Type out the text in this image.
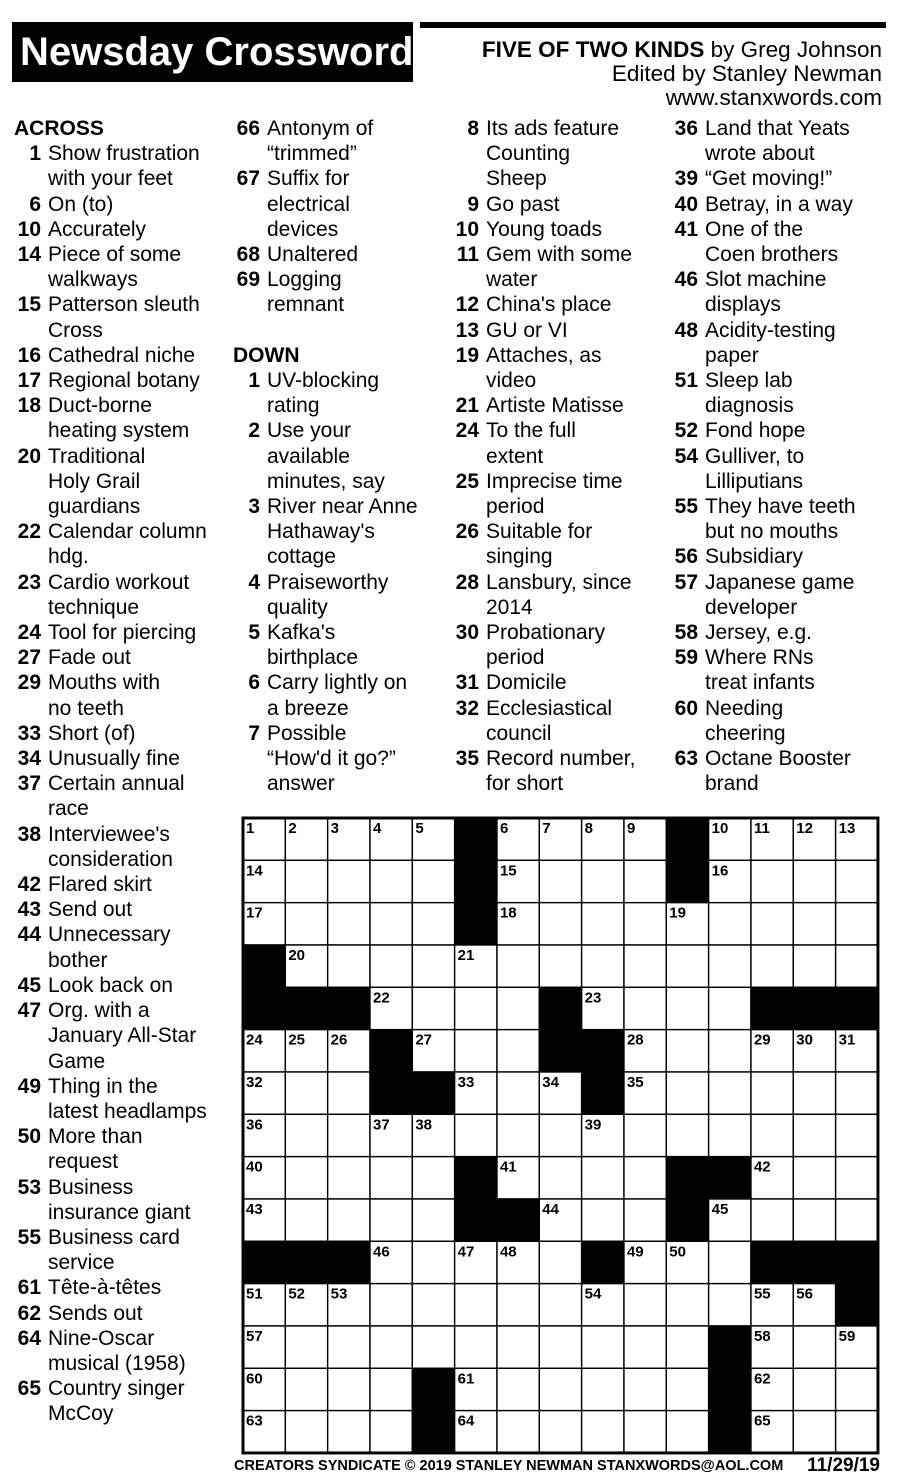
Newsday Crossword	FIVE OF TWO KINDS by Greg Johnson
Edited by Stanley Newman
www.stanxwords.com
ACROSS
1 Show frustration
with your feet
6 On (to)
10 Accurately
14 Piece of some
walkways
15 Patterson sleuth
Cross
16 Cathedral niche
17 Regional botany
18 Duct-borne
heating system
20 Traditional
Holy Grail
guardians
22 Calendar column
hdg.
23 Cardio workout
technique
24 Tool for piercing
27 Fade out
29 Mouths with
no teeth
33 Short (of)
34 Unusually fine
37 Certain annual
race
38 Interviewee's
consideration
42 Flared skirt
43 Send out
44 Unnecessary
bother
45 Look back on
47 Org. with a
January All-Star
Game
49 Thing in the
latest headlamps
50 More than
request
53 Business
insurance giant
55 Business card
service
61 Tête-à-têtes
62 Sends out
64 Nine-Oscar
musical (1958)
65 Country singer
McCoy
66 Antonym of
“trimmed”
67 Suffix for
electrical
devices
68 Unaltered
69 Logging
remnant
DOWN
1 UV-blocking
rating
2 Use your
available
minutes, say
3 River near Anne
Hathaway's
cottage
4 Praiseworthy
quality
5 Kafka's
birthplace
6 Carry lightly on
a breeze
7 Possible
“How'd it go?”
answer
8 Its ads feature
Counting
Sheep
9 Go past
10 Young toads
11 Gem with some
water
12 China's place
13 GU or VI
19 Attaches, as
video
21 Artiste Matisse
24 To the full
extent
25 Imprecise time
period
26 Suitable for
singing
28 Lansbury, since
2014
30 Probationary
period
31 Domicile
32 Ecclesiastical
council
35 Record number,
for short
36 Land that Yeats
wrote about
39 “Get moving!”
40 Betray, in a way
41 One of the
Coen brothers
46 Slot machine
displays
48 Acidity-testing
paper
51 Sleep lab
diagnosis
52 Fond hope
54 Gulliver, to
Lilliputians
55 They have teeth
but no mouths
56 Subsidiary
57 Japanese game
developer
58 Jersey, e.g.
59 Where RNs
treat infants
60 Needing
cheering
63 Octane Booster
brand
1 2 3 4 5	6 7 8 9	10 11 12 13
14	15	16
17	18	19
20	21
22	23
24 25 26	27	28	29 30 31
32	33	34	35
36	37 38	39
40	41	42
43	44	45
46	47 48	49 50
51 52 53	54	55 56
57	58	59
60	61	62
63	64	65
CREATORS SYNDICATE © 2019 STANLEY NEWMAN STANXWORDS@AOL.COM 11/29/19
